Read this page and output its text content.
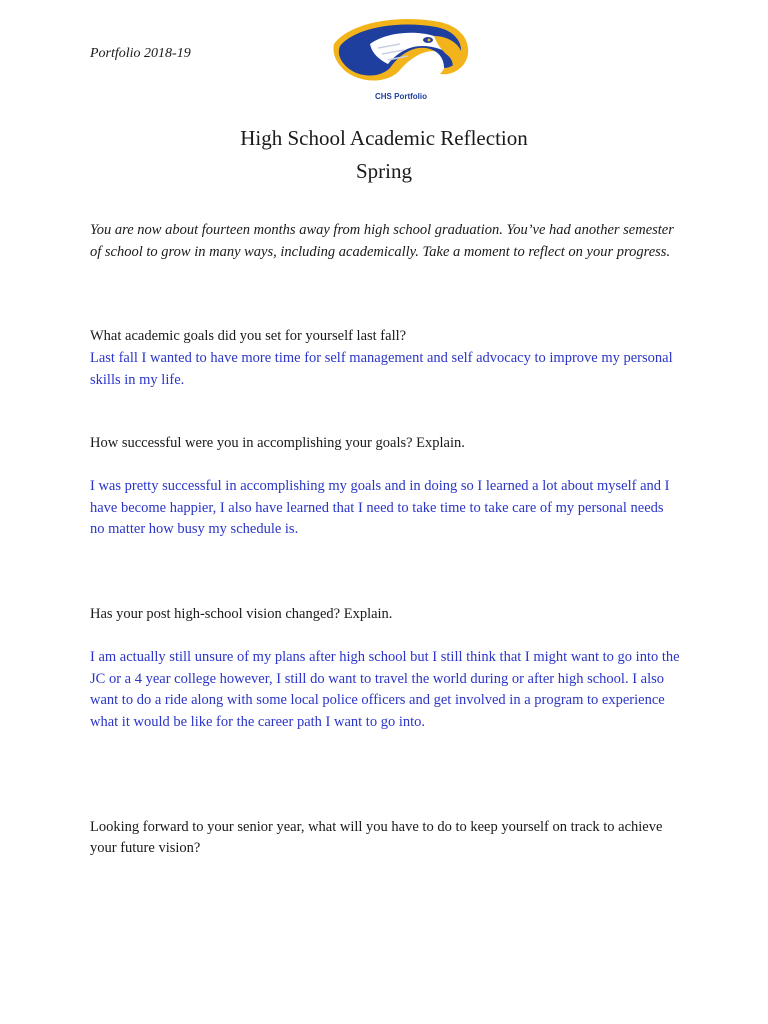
Portfolio 2018-19
CHS Portfolio
High School Academic Reflection
Spring
You are now about fourteen months away from high school graduation. You’ve had another semester of school to grow in many ways, including academically. Take a moment to reflect on your progress.
What academic goals did you set for yourself last fall?
Last fall I wanted to have more time for self management and self advocacy to improve my personal skills in my life.
How successful were you in accomplishing your goals? Explain.
I was pretty successful in accomplishing my goals and in doing so I learned a lot about myself and I have become happier, I also have learned that I need to take time to take care of my personal needs no matter how busy my schedule is.
Has your post high-school vision changed? Explain.
I am actually still unsure of my plans after high school but I still think that I might want to go into the JC or a 4 year college however, I still do want to travel the world during or after high school. I also want to do a ride along with some local police officers and get involved in a program to experience what it would be like for the career path I want to go into.
Looking forward to your senior year, what will you have to do to keep yourself on track to achieve your future vision?
